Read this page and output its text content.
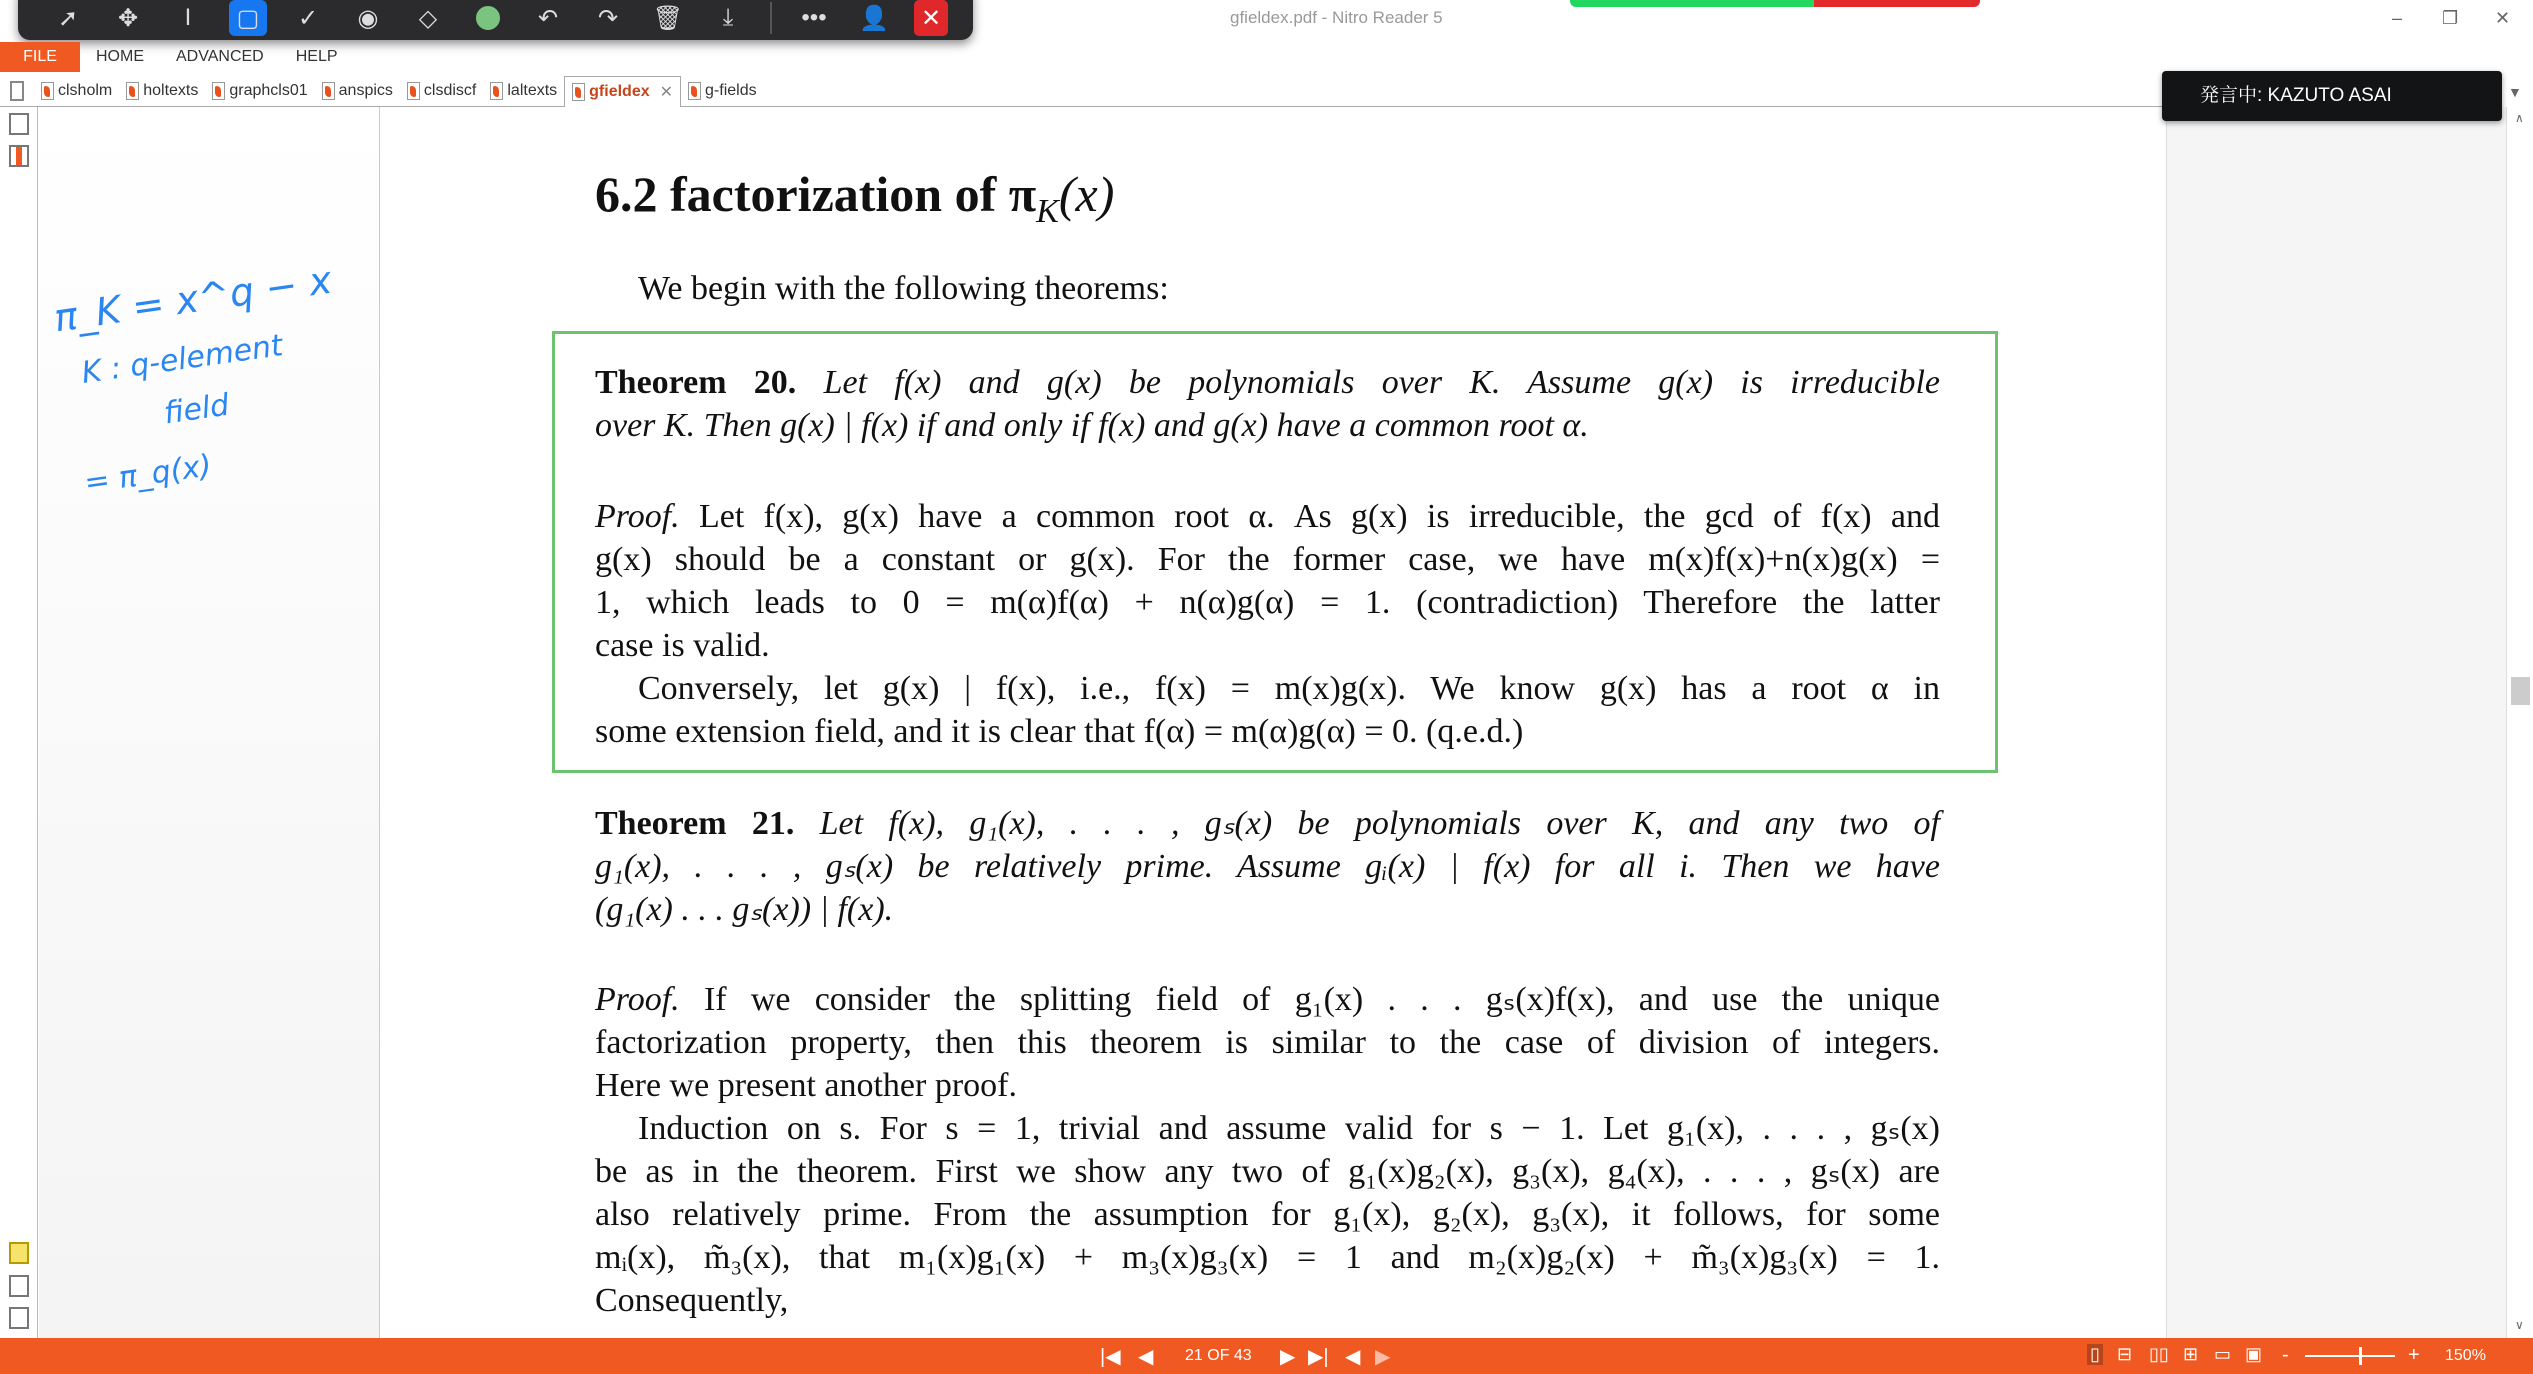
➚	✥	I	▢	✓	◉	◇	↶	↷	🗑	⤓	•••	👤	✕	gfieldex.pdf - Nitro Reader 5	– ❐ ✕
FILE	HOME	ADVANCED	HELP
clsholm holtexts graphcls01 anspics clsdiscf laltexts gfieldex ✕ g-fields	▼
π_K = x^q − x
K : q-element
field
= π_q(x)
∧
∨
発言中: KAZUTO ASAI
6.2 factorization of $\pi_K(x)$
We begin with the following theorems:
Theorem 20. Let f(x) and g(x) be polynomials over K. Assume g(x) is irreducible
over K. Then g(x) | f(x) if and only if f(x) and g(x) have a common root α.
Proof. Let f(x), g(x) have a common root α. As g(x) is irreducible, the gcd of f(x) and
g(x) should be a constant or g(x). For the former case, we have m(x)f(x)+n(x)g(x) =
1, which leads to 0 = m(α)f(α) + n(α)g(α) = 1. (contradiction) Therefore the latter
case is valid.
Conversely, let g(x) | f(x), i.e., f(x) = m(x)g(x). We know g(x) has a root α in
some extension field, and it is clear that f(α) = m(α)g(α) = 0. (q.e.d.)
Theorem 21. Let f(x), g₁(x), . . . , gₛ(x) be polynomials over K, and any two of
g₁(x), . . . , gₛ(x) be relatively prime. Assume gᵢ(x) | f(x) for all i. Then we have
(g₁(x) . . . gₛ(x)) | f(x).
Proof. If we consider the splitting field of g₁(x) . . . gₛ(x)f(x), and use the unique
factorization property, then this theorem is similar to the case of division of integers.
Here we present another proof.
Induction on s. For s = 1, trivial and assume valid for s − 1. Let g₁(x), . . . , gₛ(x)
be as in the theorem. First we show any two of g₁(x)g₂(x), g₃(x), g₄(x), . . . , gₛ(x) are
also relatively prime. From the assumption for g₁(x), g₂(x), g₃(x), it follows, for some
mᵢ(x), m̃₃(x), that m₁(x)g₁(x) + m₃(x)g₃(x) = 1 and m₂(x)g₂(x) + m̃₃(x)g₃(x) = 1.
Consequently,
|◀ ◀ 21 OF 43 ▶ ▶| ◀ ▶	▯ ⊟ ▯▯ ⊞ ▭ ▣ -	+ 150%
